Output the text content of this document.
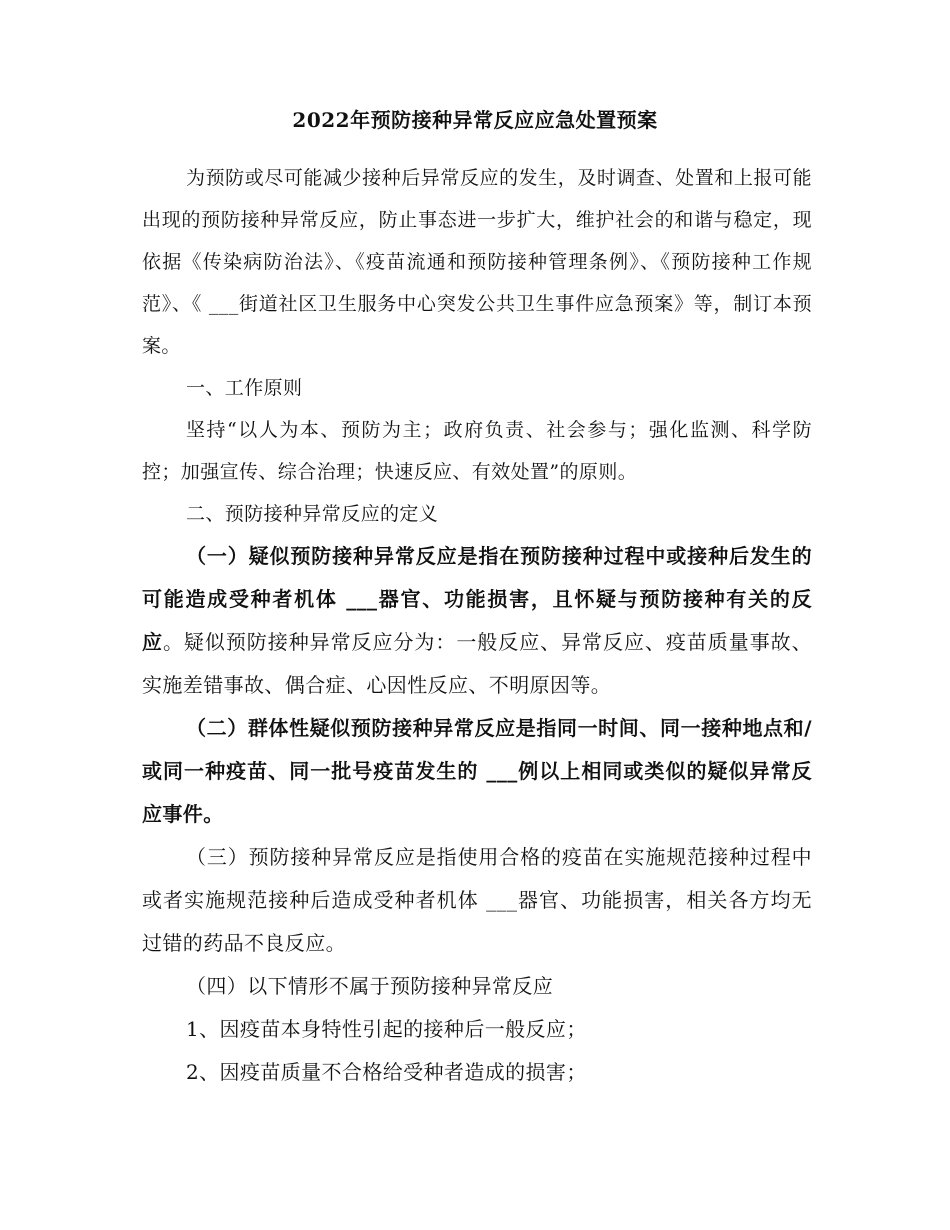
2022年预防接种异常反应应急处置预案

为预防或尽可能减少接种后异常反应的发生，及时调查、处置和上报可能出现的预防接种异常反应，防止事态进一步扩大，维护社会的和谐与稳定，现依据《传染病防治法》、《疫苗流通和预防接种管理条例》、《预防接种工作规范》、《 ___街道社区卫生服务中心突发公共卫生事件应急预案》等，制订本预案。

一、工作原则

坚持“以人为本、预防为主；政府负责、社会参与；强化监测、科学防控；加强宣传、综合治理；快速反应、有效处置”的原则。

二、预防接种异常反应的定义

（一）疑似预防接种异常反应是指在预防接种过程中或接种后发生的可能造成受种者机体 ___器官、功能损害，且怀疑与预防接种有关的反应。疑似预防接种异常反应分为：一般反应、异常反应、疫苗质量事故、实施差错事故、偶合症、心因性反应、不明原因等。

（二）群体性疑似预防接种异常反应是指同一时间、同一接种地点和/或同一种疫苗、同一批号疫苗发生的 ___例以上相同或类似的疑似异常反应事件。

（三）预防接种异常反应是指使用合格的疫苗在实施规范接种过程中或者实施规范接种后造成受种者机体 ___器官、功能损害，相关各方均无过错的药品不良反应。

（四）以下情形不属于预防接种异常反应

1、因疫苗本身特性引起的接种后一般反应；

2、因疫苗质量不合格给受种者造成的损害；
